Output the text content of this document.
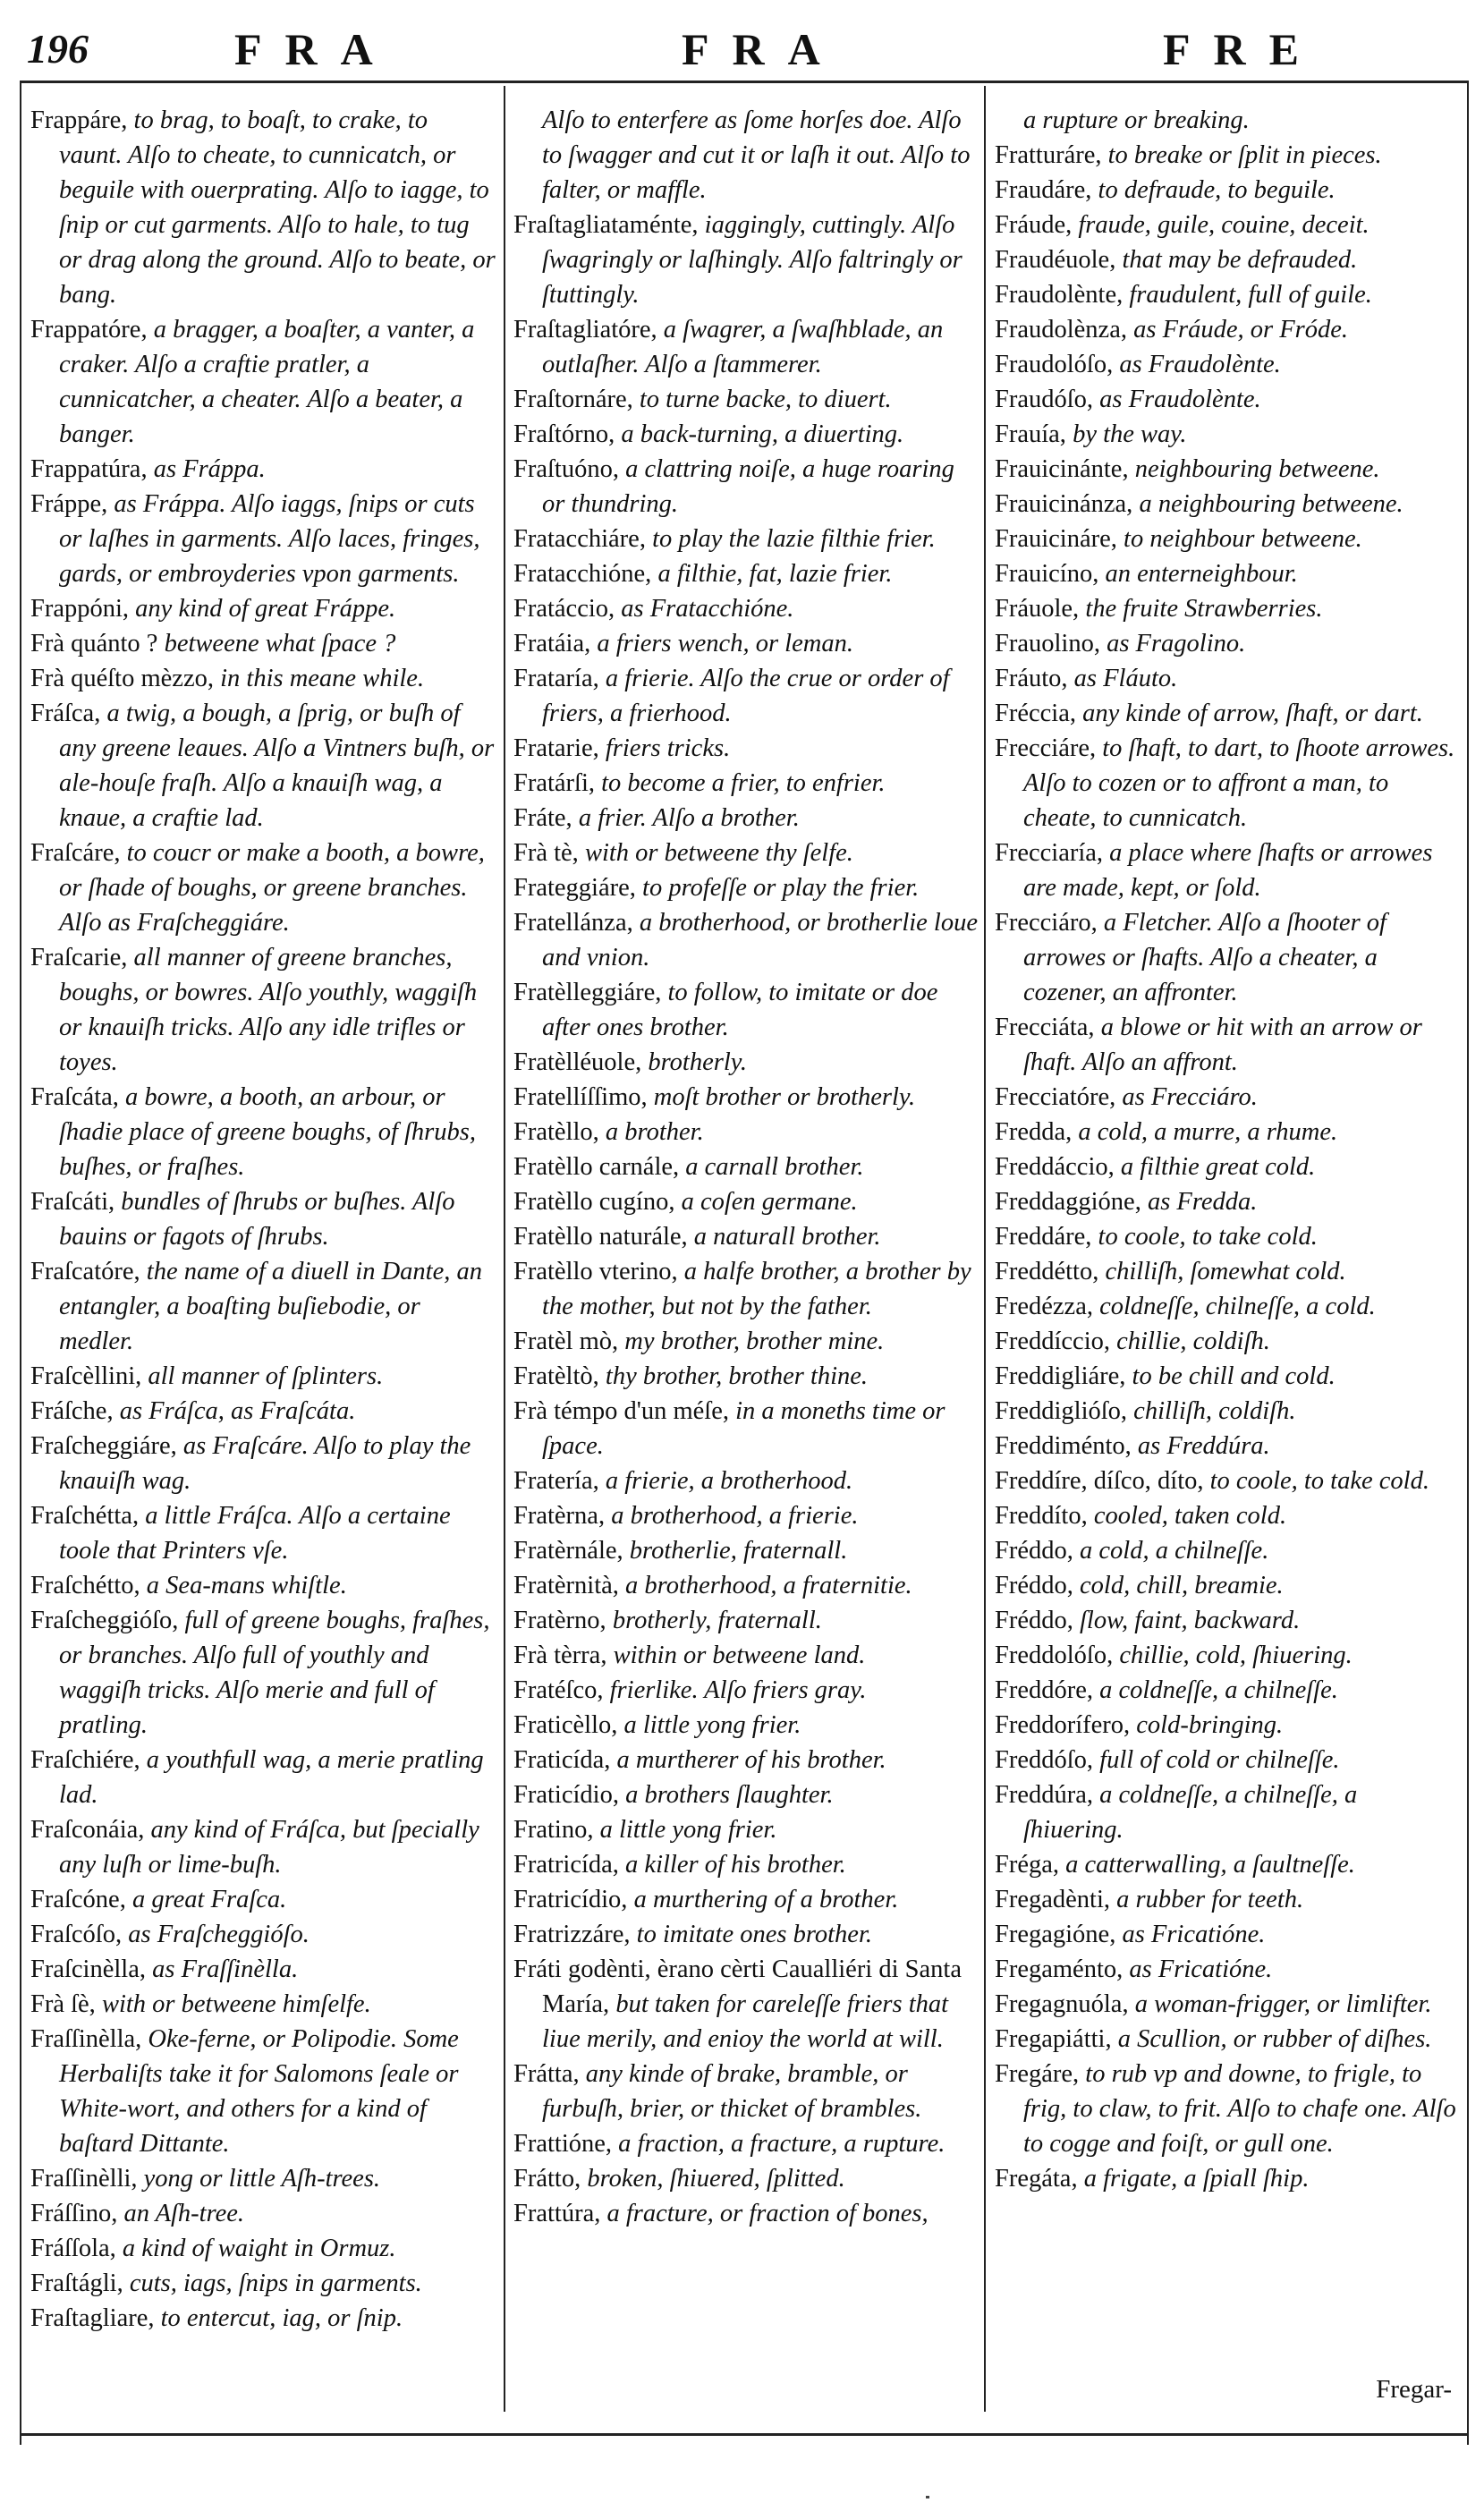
196	FRA	FRA	FRE

Frappáre, to brag, to boaſt, to crake, to vaunt. Alſo to cheate, to cunnicatch, or beguile with ouerprating. Alſo to iagge, to ſnip or cut garments. Alſo to hale, to tug or drag along the ground. Alſo to beate, or bang.

Frappatóre, a bragger, a boaſter, a vanter, a craker. Alſo a craftie pratler, a cunnicatcher, a cheater. Alſo a beater, a banger.

Frappatúra, as Fráppa.

Fráppe, as Fráppa. Alſo iaggs, ſnips or cuts or laſhes in garments. Alſo laces, fringes, gards, or embroyderies vpon garments.

Frappóni, any kind of great Fráppe.

Frà quánto ? betweene what ſpace ?

Frà quéſto mèzzo, in this meane while.

Fráſca, a twig, a bough, a ſprig, or buſh of any greene leaues. Alſo a Vintners buſh, or ale-houſe fraſh. Alſo a knauiſh wag, a knaue, a craftie lad.

Fraſcáre, to coucr or make a booth, a bowre, or ſhade of boughs, or greene branches. Alſo as Fraſcheggiáre.

Fraſcarie, all manner of greene branches, boughs, or bowres. Alſo youthly, waggiſh or knauiſh tricks. Alſo any idle trifles or toyes.

Fraſcáta, a bowre, a booth, an arbour, or ſhadie place of greene boughs, of ſhrubs, buſhes, or fraſhes.

Fraſcáti, bundles of ſhrubs or buſhes. Alſo bauins or fagots of ſhrubs.

Fraſcatóre, the name of a diuell in Dante, an entangler, a boaſting buſiebodie, or medler.

Fraſcèllini, all manner of ſplinters.

Fráſche, as Fráſca, as Fraſcáta.

Fraſcheggiáre, as Fraſcáre. Alſo to play the knauiſh wag.

Fraſchétta, a little Fráſca. Alſo a certaine toole that Printers vſe.

Fraſchétto, a Sea-mans whiſtle.

Fraſcheggióſo, full of greene boughs, fraſhes, or branches. Alſo full of youthly and waggiſh tricks. Alſo merie and full of pratling.

Fraſchiére, a youthfull wag, a merie pratling lad.

Fraſconáia, any kind of Fráſca, but ſpecially any luſh or lime-buſh.

Fraſcóne, a great Fraſca.

Fraſcóſo, as Fraſcheggióſo.

Fraſcinèlla, as Fraſſinèlla.

Frà ſè, with or betweene himſelfe.

Fraſſinèlla, Oke-ferne, or Polipodie. Some Herbaliſts take it for Salomons ſeale or White-wort, and others for a kind of baſtard Dittante.

Fraſſinèlli, yong or little Aſh-trees.

Fráſſino, an Aſh-tree.

Fráſſola, a kind of waight in Ormuz.

Fraſtágli, cuts, iags, ſnips in garments.

Fraſtagliare, to entercut, iag, or ſnip.

Alſo to enterfere as ſome horſes doe. Alſo to ſwagger and cut it or laſh it out. Alſo to falter, or maffle.

Fraſtagliataménte, iaggingly, cuttingly. Alſo ſwagringly or laſhingly. Alſo faltringly or ſtuttingly.

Fraſtagliatóre, a ſwagrer, a ſwaſhblade, an outlaſher. Alſo a ſtammerer.

Fraſtornáre, to turne backe, to diuert.

Fraſtórno, a back-turning, a diuerting.

Fraſtuóno, a clattring noiſe, a huge roaring or thundring.

Fratacchiáre, to play the lazie filthie frier.

Fratacchióne, a filthie, fat, lazie frier.

Fratáccio, as Fratacchióne.

Fratáia, a friers wench, or leman.

Frataría, a frierie. Alſo the crue or order of friers, a frierhood.

Fratarie, friers tricks.

Fratárſi, to become a frier, to enfrier.

Fráte, a frier. Alſo a brother.

Frà tè, with or betweene thy ſelfe.

Frateggiáre, to profeſſe or play the frier.

Fratellánza, a brotherhood, or brotherlie loue and vnion.

Fratèlleggiáre, to follow, to imitate or doe after ones brother.

Fratèlléuole, brotherly.

Fratellíſſimo, moſt brother or brotherly.

Fratèllo, a brother.

Fratèllo carnále, a carnall brother.

Fratèllo cugíno, a coſen germane.

Fratèllo naturále, a naturall brother.

Fratèllo vterino, a halfe brother, a brother by the mother, but not by the father.

Fratèl mò, my brother, brother mine.

Fratèltò, thy brother, brother thine.

Frà témpo d'un méſe, in a moneths time or ſpace.

Fratería, a frierie, a brotherhood.

Fratèrna, a brotherhood, a frierie.

Fratèrnále, brotherlie, fraternall.

Fratèrnità, a brotherhood, a fraternitie.

Fratèrno, brotherly, fraternall.

Frà tèrra, within or betweene land.

Fratéſco, frierlike. Alſo friers gray.

Fraticèllo, a little yong frier.

Fraticída, a murtherer of his brother.

Fraticídio, a brothers ſlaughter.

Fratino, a little yong frier.

Fratricída, a killer of his brother.

Fratricídio, a murthering of a brother.

Fratrizzáre, to imitate ones brother.

Fráti godènti, èrano cèrti Caualliéri di Santa María, but taken for careleſſe friers that liue merily, and enioy the world at will.

Frátta, any kinde of brake, bramble, or furbuſh, brier, or thicket of brambles.

Frattióne, a fraction, a fracture, a rupture.

Frátto, broken, ſhiuered, ſplitted.

Frattúra, a fracture, or fraction of bones,

a rupture or breaking.

Fratturáre, to breake or ſplit in pieces.

Fraudáre, to defraude, to beguile.

Fráude, fraude, guile, couine, deceit.

Fraudéuole, that may be defrauded.

Fraudolènte, fraudulent, full of guile.

Fraudolènza, as Fráude, or Fróde.

Fraudolóſo, as Fraudolènte.

Fraudóſo, as Fraudolènte.

Frauía, by the way.

Frauicinánte, neighbouring betweene.

Frauicinánza, a neighbouring betweene.

Frauicináre, to neighbour betweene.

Frauicíno, an enterneighbour.

Fráuole, the fruite Strawberries.

Frauolino, as Fragolino.

Fráuto, as Fláuto.

Fréccia, any kinde of arrow, ſhaft, or dart.

Frecciáre, to ſhaft, to dart, to ſhoote arrowes. Alſo to cozen or to affront a man, to cheate, to cunnicatch.

Frecciaría, a place where ſhafts or arrowes are made, kept, or ſold.

Frecciáro, a Fletcher. Alſo a ſhooter of arrowes or ſhafts. Alſo a cheater, a cozener, an affronter.

Frecciáta, a blowe or hit with an arrow or ſhaft. Alſo an affront.

Frecciatóre, as Frecciáro.

Fredda, a cold, a murre, a rhume.

Freddáccio, a filthie great cold.

Freddaggióne, as Fredda.

Freddáre, to coole, to take cold.

Freddétto, chilliſh, ſomewhat cold.

Fredézza, coldneſſe, chilneſſe, a cold.

Freddíccio, chillie, coldiſh.

Freddigliáre, to be chill and cold.

Freddiglióſo, chilliſh, coldiſh.

Freddiménto, as Freddúra.

Freddíre, díſco, díto, to coole, to take cold.

Freddíto, cooled, taken cold.

Fréddo, a cold, a chilneſſe.

Fréddo, cold, chill, breamie.

Fréddo, ſlow, faint, backward.

Freddolóſo, chillie, cold, ſhiuering.

Freddóre, a coldneſſe, a chilneſſe.

Freddorífero, cold-bringing.

Freddóſo, full of cold or chilneſſe.

Freddúra, a coldneſſe, a chilneſſe, a ſhiuering.

Fréga, a catterwalling, a ſaultneſſe.

Fregadènti, a rubber for teeth.

Fregagióne, as Fricatióne.

Fregaménto, as Fricatióne.

Fregagnuóla, a woman-frigger, or limlifter.

Fregapiátti, a Scullion, or rubber of diſhes.

Fregáre, to rub vp and downe, to frigle, to frig, to claw, to frit. Alſo to chafe one. Alſo to cogge and foiſt, or gull one.

Fregáta, a frigate, a ſpiall ſhip.

Fregar-
